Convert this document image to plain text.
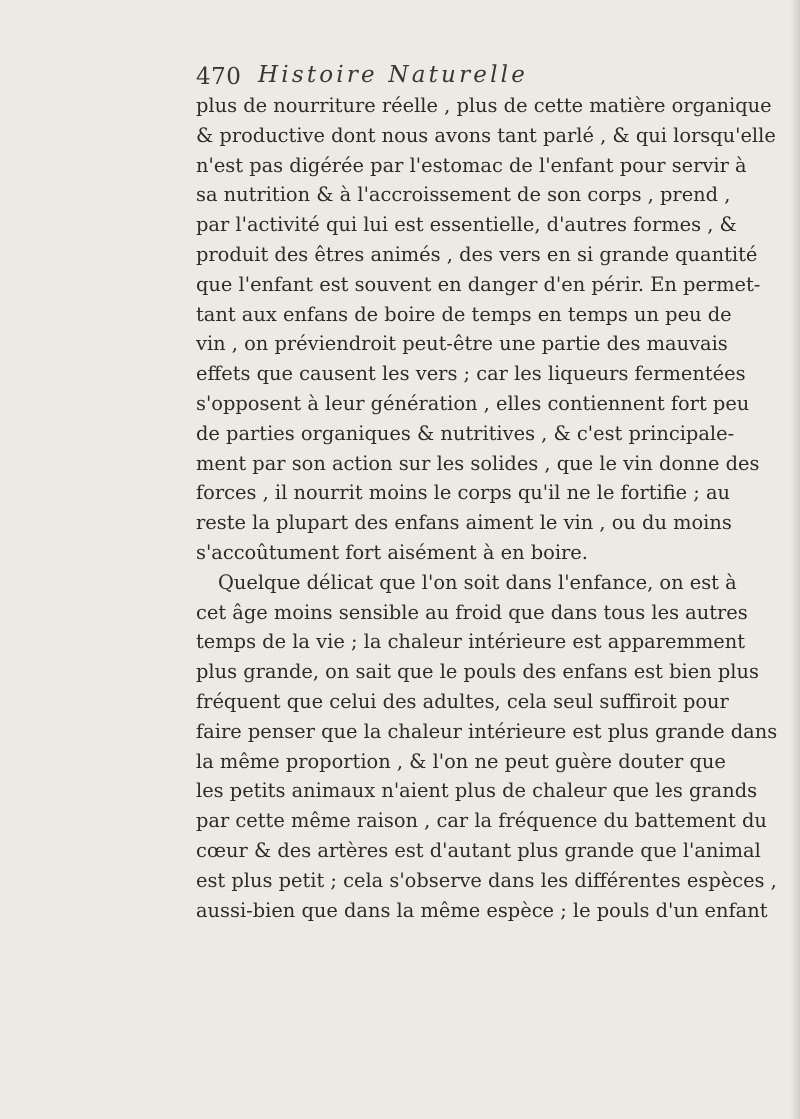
470 Histoire Naturelle
plus de nourriture réelle , plus de cette matière organique
& productive dont nous avons tant parlé , & qui lorsqu'elle
n'est pas digérée par l'estomac de l'enfant pour servir à
sa nutrition & à l'accroissement de son corps , prend ,
par l'activité qui lui est essentielle, d'autres formes , &
produit des êtres animés , des vers en si grande quantité
que l'enfant est souvent en danger d'en périr. En permet-
tant aux enfans de boire de temps en temps un peu de
vin , on préviendroit peut-être une partie des mauvais
effets que causent les vers ; car les liqueurs fermentées
s'opposent à leur génération , elles contiennent fort peu
de parties organiques & nutritives , & c'est principale-
ment par son action sur les solides , que le vin donne des
forces , il nourrit moins le corps qu'il ne le fortifie ; au
reste la plupart des enfans aiment le vin , ou du moins
s'accoûtument fort aisément à en boire.
Quelque délicat que l'on soit dans l'enfance, on est à
cet âge moins sensible au froid que dans tous les autres
temps de la vie ; la chaleur intérieure est apparemment
plus grande, on sait que le pouls des enfans est bien plus
fréquent que celui des adultes, cela seul suffiroit pour
faire penser que la chaleur intérieure est plus grande dans
la même proportion , & l'on ne peut guère douter que
les petits animaux n'aient plus de chaleur que les grands
par cette même raison , car la fréquence du battement du
cœur & des artères est d'autant plus grande que l'animal
est plus petit ; cela s'observe dans les différentes espèces ,
aussi-bien que dans la même espèce ; le pouls d'un enfant
